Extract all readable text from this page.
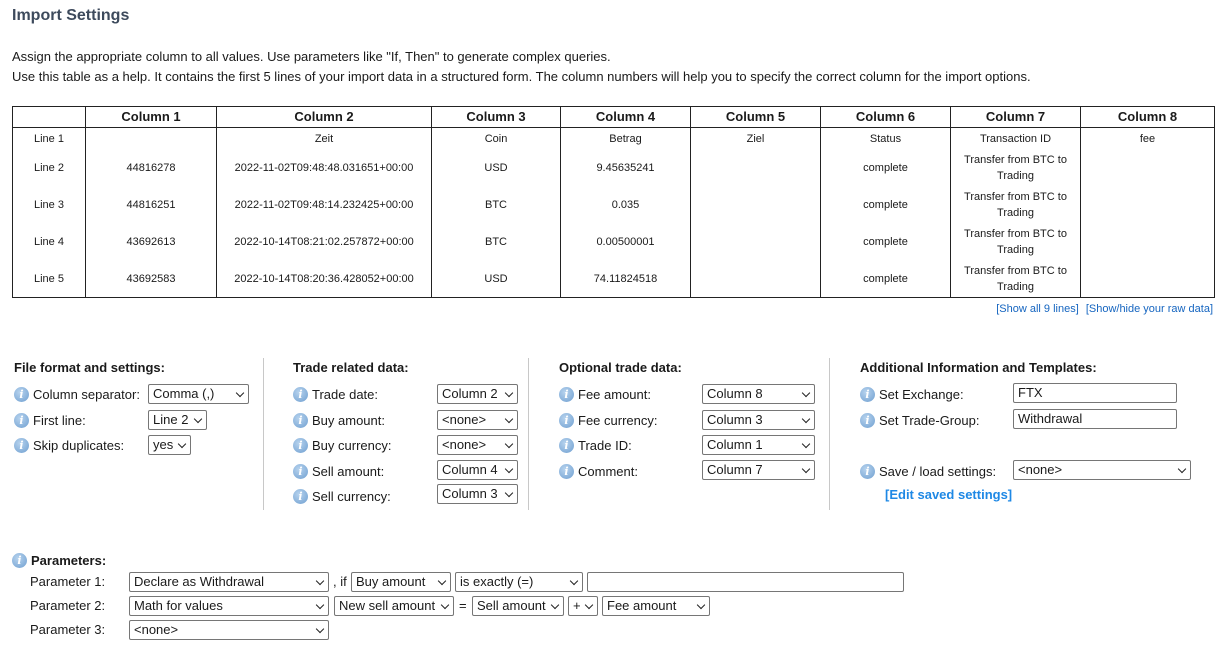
Import Settings
Assign the appropriate column to all values. Use parameters like "If, Then" to generate complex queries.
Use this table as a help. It contains the first 5 lines of your import data in a structured form. The column numbers will help you to specify the correct column for the import options.
	Column 1	Column 2	Column 3	Column 4	Column 5	Column 6	Column 7	Column 8
Line 1		Zeit	Coin	Betrag	Ziel	Status	Transaction ID	fee
Line 2	44816278	2022-11-02T09:48:48.031651+00:00	USD	9.45635241		complete	Transfer from BTC to Trading	
Line 3	44816251	2022-11-02T09:48:14.232425+00:00	BTC	0.035		complete	Transfer from BTC to Trading	
Line 4	43692613	2022-10-14T08:21:02.257872+00:00	BTC	0.00500001		complete	Transfer from BTC to Trading	
Line 5	43692583	2022-10-14T08:20:36.428052+00:00	USD	74.11824518		complete	Transfer from BTC to Trading	
[Show all 9 lines] [Show/hide your raw data]
File format and settings:
i Column separator:	Comma (,)
i First line:	Line 2
i Skip duplicates:	yes
Trade related data:
i Trade date:	Column 2
i Buy amount:	<none>
i Buy currency:	<none>
i Sell amount:	Column 4
i Sell currency:	Column 3
Optional trade data:
i Fee amount:	Column 8
i Fee currency:	Column 3
i Trade ID:	Column 1
i Comment:	Column 7
Additional Information and Templates:
i Set Exchange:	FTX
i Set Trade-Group:	Withdrawal
i Save / load settings:	<none>
[Edit saved settings]
i Parameters:
Parameter 1:	Declare as Withdrawal	, if Buy amount	is exactly (=)
Parameter 2:	Math for values	New sell amount	= Sell amount	+	Fee amount
Parameter 3:	<none>
